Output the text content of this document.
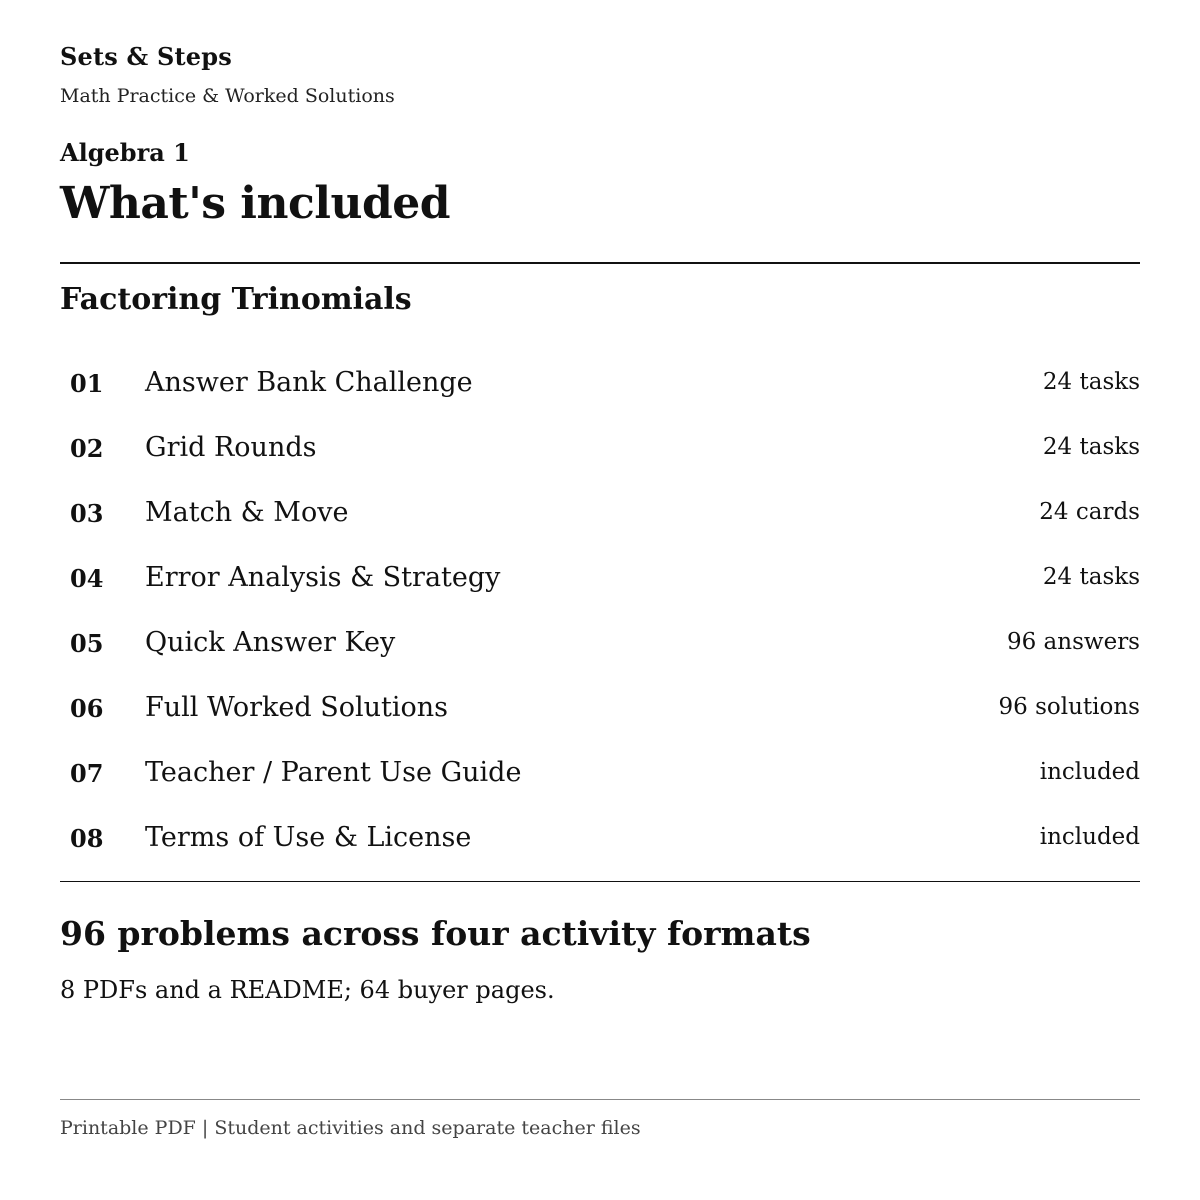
Sets & Steps
Math Practice & Worked Solutions
Algebra 1
What's included
Factoring Trinomials
01 Answer Bank Challenge	24 tasks
02 Grid Rounds	24 tasks
03 Match & Move	24 cards
04 Error Analysis & Strategy	24 tasks
05 Quick Answer Key	96 answers
06 Full Worked Solutions	96 solutions
07 Teacher / Parent Use Guide	included
08 Terms of Use & License	included
96 problems across four activity formats
8 PDFs and a README; 64 buyer pages.
Printable PDF | Student activities and separate teacher files
